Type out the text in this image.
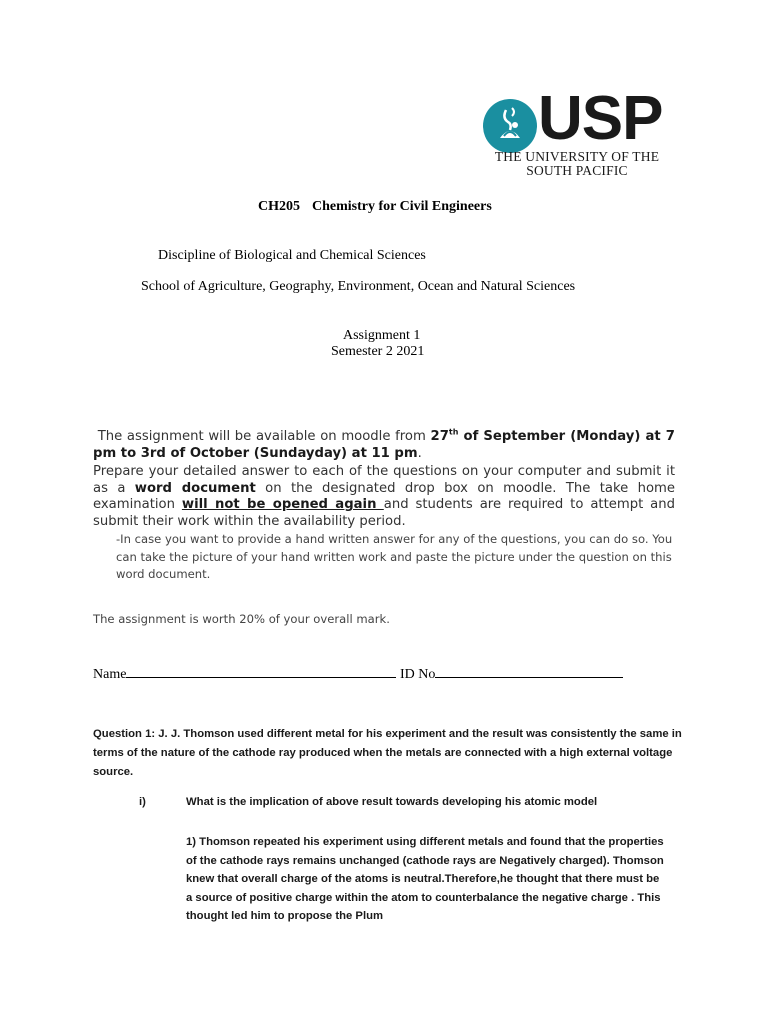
USP
THE UNIVERSITY OF THE
SOUTH PACIFIC
CH205 Chemistry for Civil Engineers
Discipline of Biological and Chemical Sciences
School of Agriculture, Geography, Environment, Ocean and Natural Sciences
Assignment 1
Semester 2 2021
The assignment will be available on moodle from 27th of September (Monday) at 7 pm to 3rd of October (Sundayday) at 11 pm.
Prepare your detailed answer to each of the questions on your computer and submit it as a word document on the designated drop box on moodle. The take home examination will not be opened again and students are required to attempt and submit their work within the availability period.
-In case you want to provide a hand written answer for any of the questions, you can do so. You can take the picture of your hand written work and paste the picture under the question on this word document.
The assignment is worth 20% of your overall mark.
Name	ID No
Question 1: J. J. Thomson used different metal for his experiment and the result was consistently the same in terms of the nature of the cathode ray produced when the metals are connected with a high external voltage source.
i)	What is the implication of above result towards developing his atomic model
1) Thomson repeated his experiment using different metals and found that the properties of the cathode rays remains unchanged (cathode rays are Negatively charged). Thomson knew that overall charge of the atoms is neutral.Therefore,he thought that there must be a source of positive charge within the atom to counterbalance the negative charge . This thought led him to propose the Plum
